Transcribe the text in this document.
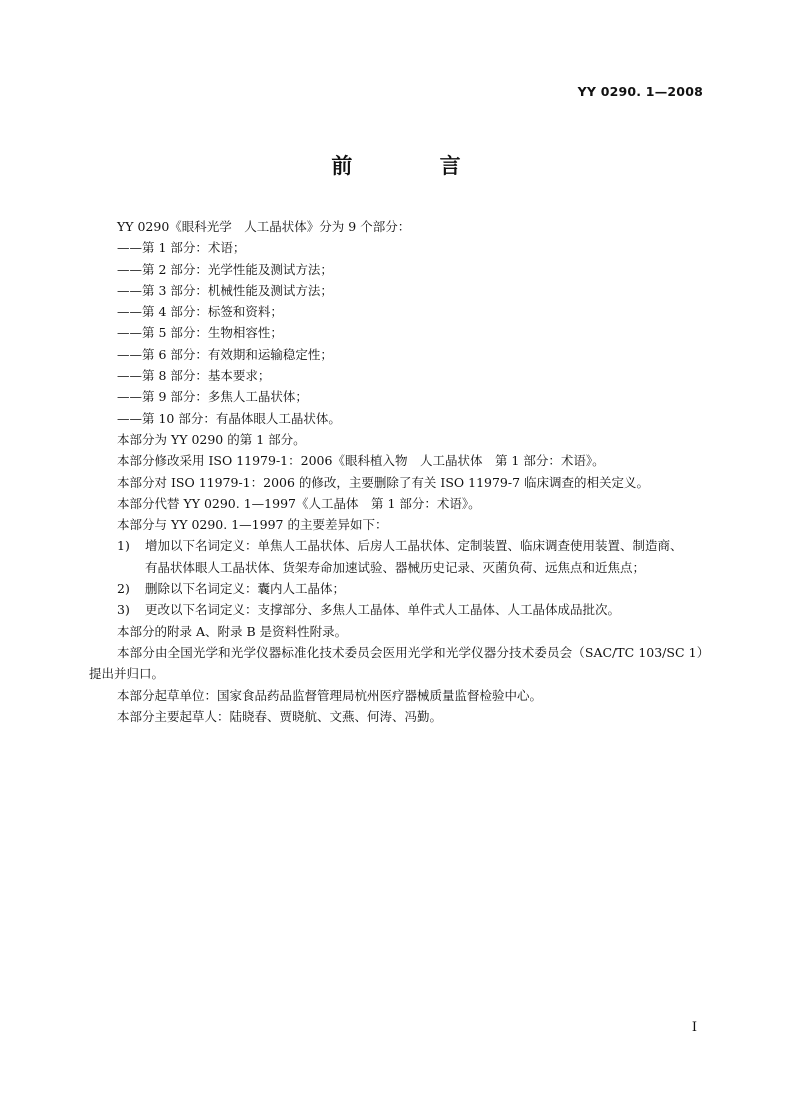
YY 0290. 1—2008
前 言

YY 0290《眼科光学　人工晶状体》分为 9 个部分：

——第 1 部分：术语；

——第 2 部分：光学性能及测试方法；

——第 3 部分：机械性能及测试方法；

——第 4 部分：标签和资料；

——第 5 部分：生物相容性；

——第 6 部分：有效期和运输稳定性；

——第 8 部分：基本要求；

——第 9 部分：多焦人工晶状体；

——第 10 部分：有晶体眼人工晶状体。

本部分为 YY 0290 的第 1 部分。

本部分修改采用 ISO 11979-1：2006《眼科植入物　人工晶状体　第 1 部分：术语》。

本部分对 ISO 11979-1：2006 的修改，主要删除了有关 ISO 11979-7 临床调查的相关定义。

本部分代替 YY 0290. 1—1997《人工晶体　第 1 部分：术语》。

本部分与 YY 0290. 1—1997 的主要差异如下：

1) 增加以下名词定义：单焦人工晶状体、后房人工晶状体、定制装置、临床调查使用装置、制造商、

有晶状体眼人工晶状体、货架寿命加速试验、器械历史记录、灭菌负荷、远焦点和近焦点；

2) 删除以下名词定义：囊内人工晶体；

3) 更改以下名词定义：支撑部分、多焦人工晶体、单件式人工晶体、人工晶体成品批次。

本部分的附录 A、附录 B 是资料性附录。

本部分由全国光学和光学仪器标准化技术委员会医用光学和光学仪器分技术委员会（SAC/TC 103/SC 1）提出并归口。

本部分起草单位：国家食品药品监督管理局杭州医疗器械质量监督检验中心。

本部分主要起草人：陆晓春、贾晓航、文燕、何涛、冯勤。

I
